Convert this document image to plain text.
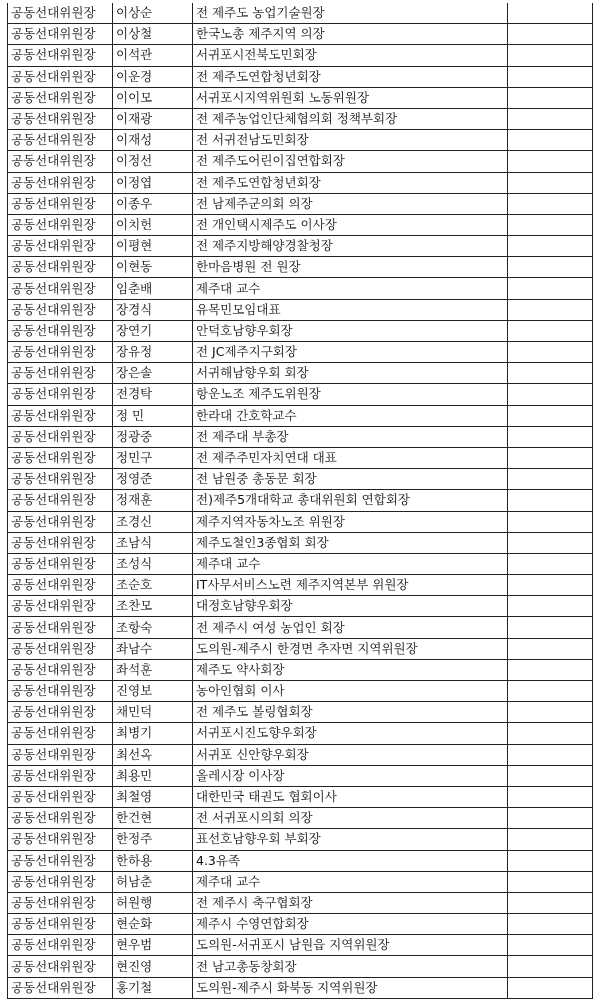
공동선대위원장	이상순	전 제주도 농업기술원장	
공동선대위원장	이상철	한국노총 제주지역 의장	
공동선대위원장	이석관	서귀포시전북도민회장	
공동선대위원장	이운경	전 제주도연합청년회장	
공동선대위원장	이이모	서귀포시지역위원회 노동위원장	
공동선대위원장	이재광	전 제주농업인단체협의회 정책부회장	
공동선대위원장	이재성	전 서귀전남도민회장	
공동선대위원장	이정선	전 제주도어린이집연합회장	
공동선대위원장	이정엽	전 제주도연합청년회장	
공동선대위원장	이종우	전 남제주군의회 의장	
공동선대위원장	이치헌	전 개인택시제주도 이사장	
공동선대위원장	이평현	전 제주지방해양경찰청장	
공동선대위원장	이현동	한마음병원 전 원장	
공동선대위원장	임춘배	제주대 교수	
공동선대위원장	장경식	유목민모임대표	
공동선대위원장	장연기	안덕호남향우회장	
공동선대위원장	장유정	전 JC제주지구회장	
공동선대위원장	장은솔	서귀해남향우회 회장	
공동선대위원장	전경탁	항운노조 제주도위원장	
공동선대위원장	정 민	한라대 간호학교수	
공동선대위원장	정광중	전 제주대 부총장	
공동선대위원장	정민구	전 제주주민자치연대 대표	
공동선대위원장	정영준	전 남원중 총동문 회장	
공동선대위원장	정재훈	전)제주5개대학교 총대위원회 연합회장	
공동선대위원장	조경신	제주지역자동차노조 위원장	
공동선대위원장	조남식	제주도철인3종협회 회장	
공동선대위원장	조성식	제주대 교수	
공동선대위원장	조순호	IT사무서비스노련 제주지역본부 위원장	
공동선대위원장	조찬모	대정호남향우회장	
공동선대위원장	조항숙	전 제주시 여성 농업인 회장	
공동선대위원장	좌남수	도의원-제주시 한경면 추자면 지역위원장	
공동선대위원장	좌석훈	제주도 약사회장	
공동선대위원장	진영보	농아인협회 이사	
공동선대위원장	채민덕	전 제주도 볼링협회장	
공동선대위원장	최병기	서귀포시진도향우회장	
공동선대위원장	최선옥	서귀포 신안향우회장	
공동선대위원장	최용민	올레시장 이사장	
공동선대위원장	최철영	대한민국 태권도 협회이사	
공동선대위원장	한건현	전 서귀포시의회 의장	
공동선대위원장	한정주	표선호남향우회 부회장	
공동선대위원장	한하용	4.3유족	
공동선대위원장	허남춘	제주대 교수	
공동선대위원장	허원행	전 제주시 축구협회장	
공동선대위원장	현순화	제주시 수영연합회장	
공동선대위원장	현우범	도의원-서귀포시 남원읍 지역위원장	
공동선대위원장	현진영	전 남고총동창회장	
공동선대위원장	홍기철	도의원-제주시 화북동 지역위원장	
